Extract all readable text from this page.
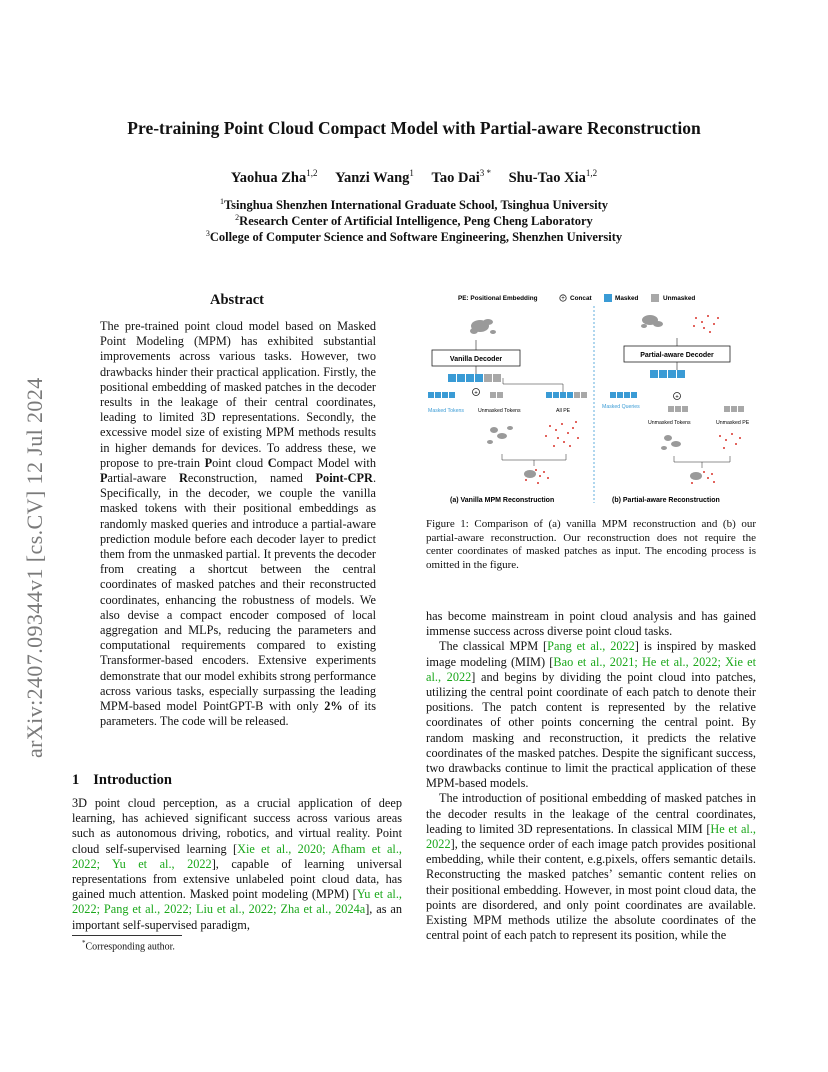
Pre-training Point Cloud Compact Model with Partial-aware Reconstruction
Yaohua Zha$^{1,2}$ Yanzi Wang$^1$ Tao Dai$^{3 *}$ Shu-Tao Xia$^{1,2}$
$^1$Tsinghua Shenzhen International Graduate School, Tsinghua University
$^2$Research Center of Artificial Intelligence, Peng Cheng Laboratory
$^3$College of Computer Science and Software Engineering, Shenzhen University
arXiv:2407.09344v1 [cs.CV] 12 Jul 2024
Abstract
The pre-trained point cloud model based on Masked Point Modeling (MPM) has exhibited substantial improvements across various tasks. However, two drawbacks hinder their practical application. Firstly, the positional embedding of masked patches in the decoder results in the leakage of their central coordinates, leading to limited 3D representations. Secondly, the excessive model size of existing MPM methods results in higher demands for devices. To address these, we propose to pre-train Point cloud Compact Model with Partial-aware Reconstruction, named Point-CPR. Specifically, in the decoder, we couple the vanilla masked tokens with their positional embeddings as randomly masked queries and introduce a partial-aware prediction module before each decoder layer to predict them from the unmasked partial. It prevents the decoder from creating a shortcut between the central coordinates of masked patches and their reconstructed coordinates, enhancing the robustness of models. We also devise a compact encoder composed of local aggregation and MLPs, reducing the parameters and computational requirements compared to existing Transformer-based encoders. Extensive experiments demonstrate that our model exhibits strong performance across various tasks, especially surpassing the leading MPM-based model PointGPT-B with only 2% of its parameters. The code will be released.
1 Introduction
3D point cloud perception, as a crucial application of deep learning, has achieved significant success across various areas such as autonomous driving, robotics, and virtual reality. Point cloud self-supervised learning [Xie et al., 2020; Afham et al., 2022; Yu et al., 2022], capable of learning universal representations from extensive unlabeled point cloud data, has gained much attention. Masked point modeling (MPM) [Yu et al., 2022; Pang et al., 2022; Liu et al., 2022; Zha et al., 2024a], as an important self-supervised paradigm,
*Corresponding author.
PE: Positional Embedding	+ Concat	Masked	Unmasked
Vanilla Decoder
+
Masked Tokens	Unmasked Tokens	All PE
(a) Vanilla MPM Reconstruction
Partial-aware Decoder
+
Masked Queries
Unmasked Tokens	Unmasked PE
(b) Partial-aware Reconstruction
Figure 1: Comparison of (a) vanilla MPM reconstruction and (b) our partial-aware reconstruction. Our reconstruction does not require the center coordinates of masked patches as input. The encoding process is omitted in the figure.

has become mainstream in point cloud analysis and has gained immense success across diverse point cloud tasks.

The classical MPM [Pang et al., 2022] is inspired by masked image modeling (MIM) [Bao et al., 2021; He et al., 2022; Xie et al., 2022] and begins by dividing the point cloud into patches, utilizing the central point coordinate of each patch to denote their positions. The patch content is represented by the relative coordinates of other points concerning the central point. By random masking and reconstruction, it predicts the relative coordinates of the masked patches. Despite the significant success, two drawbacks continue to limit the practical application of these MPM-based models.

The introduction of positional embedding of masked patches in the decoder results in the leakage of the central coordinates, leading to limited 3D representations. In classical MIM [He et al., 2022], the sequence order of each image patch provides positional embedding, while their content, e.g.pixels, offers semantic details. Reconstructing the masked patches’ semantic content relies on their positional embedding. However, in most point cloud data, the points are disordered, and only point coordinates are available. Existing MPM methods utilize the absolute coordinates of the central point of each patch to represent its position, while the
